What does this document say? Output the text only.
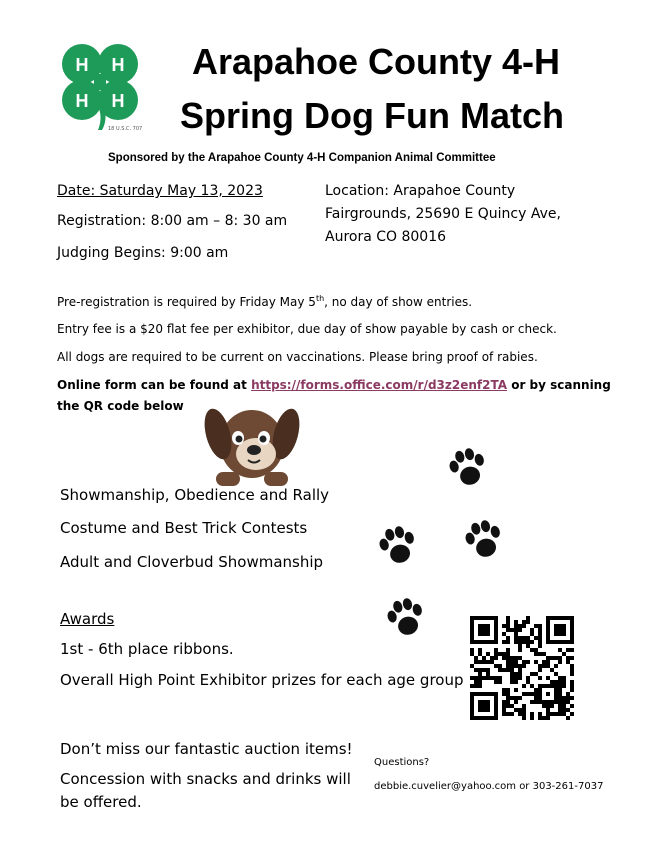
H H
H H
18 U.S.C. 707
Arapahoe County 4-H
Spring Dog Fun Match
Sponsored by the Arapahoe County 4-H Companion Animal Committee
Date: Saturday May 13, 2023
Registration: 8:00 am – 8: 30 am
Judging Begins: 9:00 am
Location: Arapahoe County
Fairgrounds, 25690 E Quincy Ave,
Aurora CO 80016
Pre-registration is required by Friday May 5th, no day of show entries.
Entry fee is a $20 flat fee per exhibitor, due day of show payable by cash or check.
All dogs are required to be current on vaccinations. Please bring proof of rabies.
Online form can be found at https://forms.office.com/r/d3z2enf2TA or by scanning
the QR code below
Showmanship, Obedience and Rally
Costume and Best Trick Contests
Adult and Cloverbud Showmanship
Awards
1st - 6th place ribbons.
Overall High Point Exhibitor prizes for each age group
Don’t miss our fantastic auction items!
Concession with snacks and drinks will
be offered.
Questions?
debbie.cuvelier@yahoo.com or 303-261-7037
